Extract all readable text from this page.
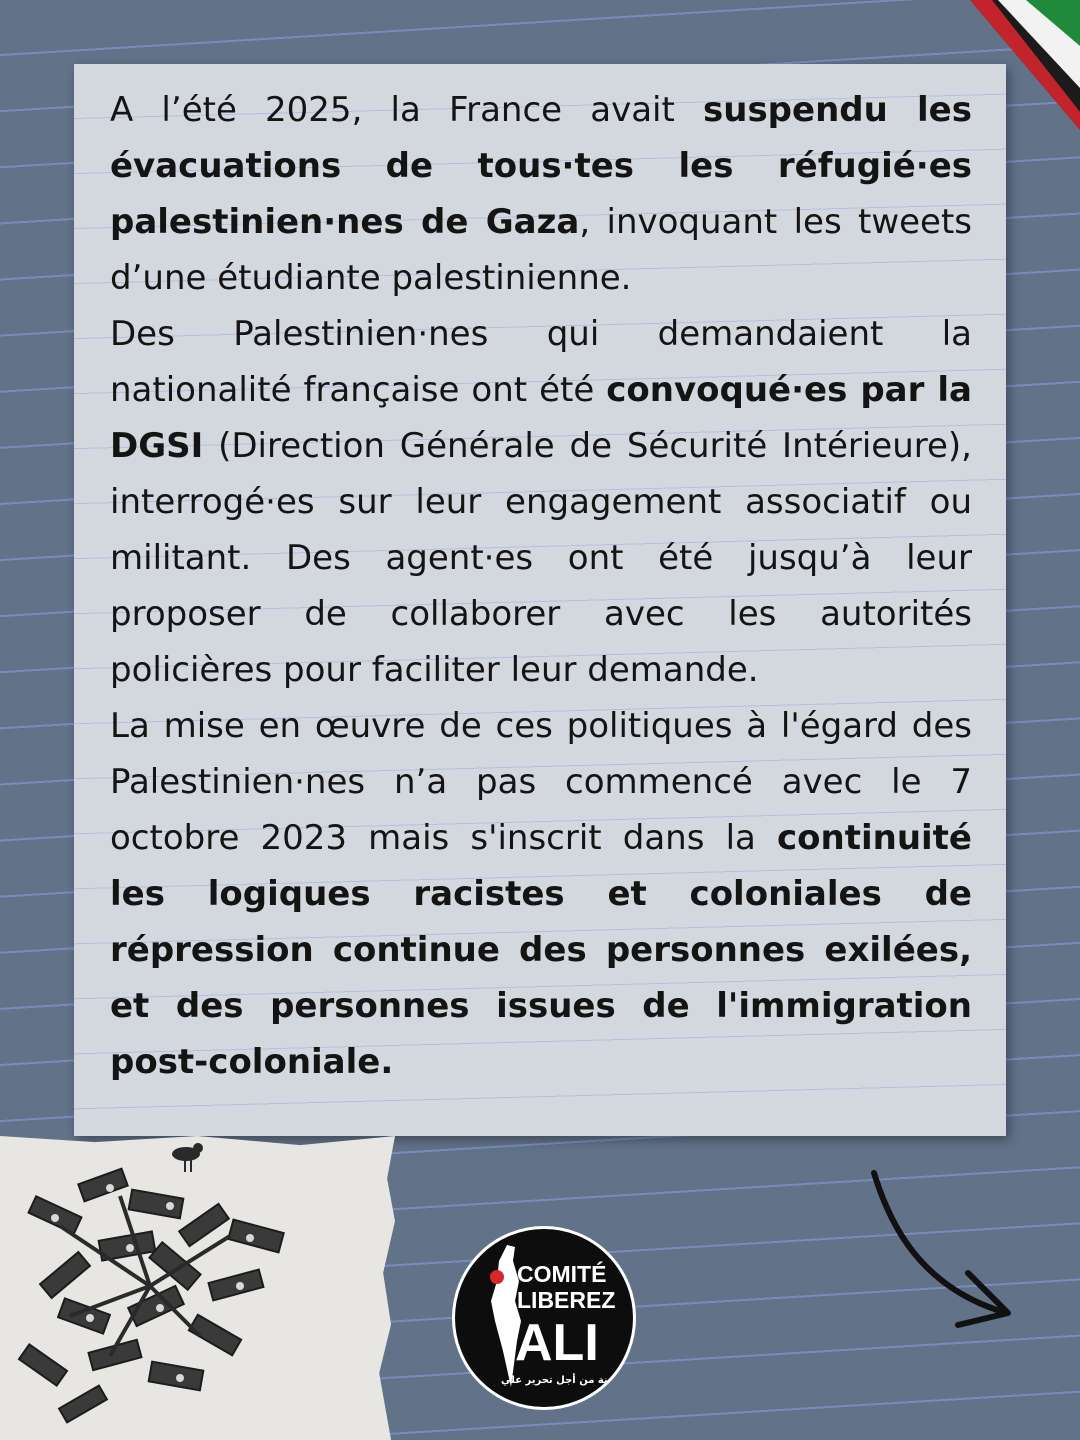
A l’été 2025, la France avait suspendu les évacuations de tous·tes les réfugié·es palestinien·nes de Gaza, invoquant les tweets d’une étudiante palestinienne.

Des Palestinien·nes qui demandaient la nationalité française ont été convoqué·es par la DGSI (Direction Générale de Sécurité Intérieure), interrogé·es sur leur engagement associatif ou militant. Des agent·es ont été jusqu’à leur proposer de collaborer avec les autorités policières pour faciliter leur demande.

La mise en œuvre de ces politiques à l'égard des Palestinien·nes n’a pas commencé avec le 7 octobre 2023 mais s'inscrit dans la continuité les logiques racistes et coloniales de répression continue des personnes exilées, et des personnes issues de l'immigration post-coloniale.

COMITÉ
LIBEREZ
ALI
اللجنة من أجل تحرير علي
